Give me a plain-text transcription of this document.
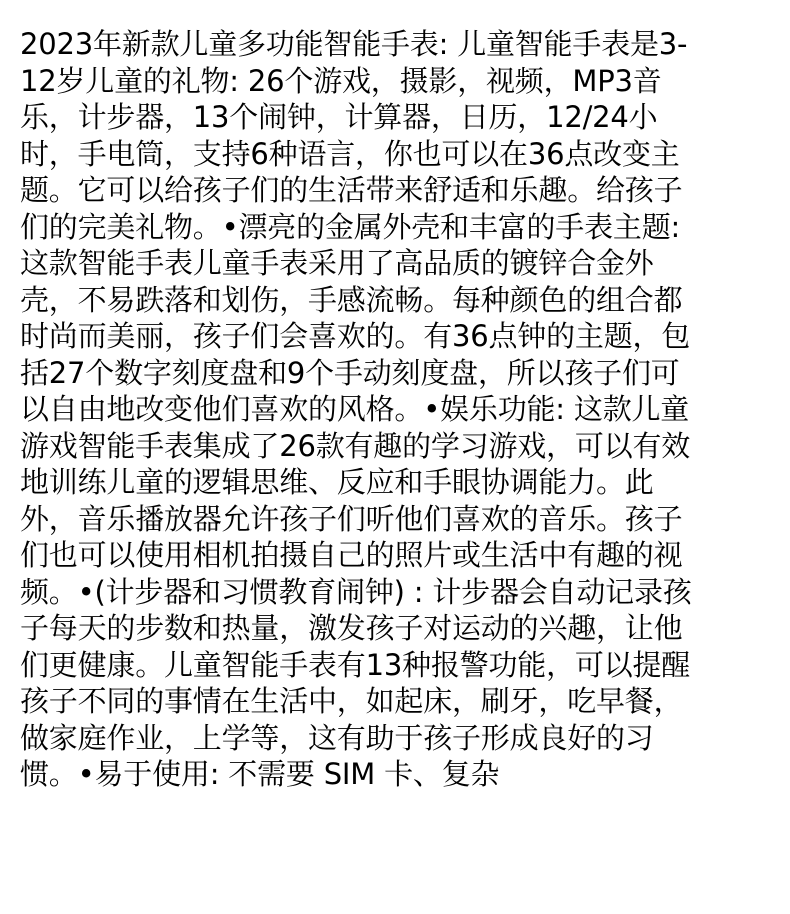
2023年新款儿童多功能智能手表: 儿童智能手表是3-

12岁儿童的礼物: 26个游戏，摄影，视频，MP3音

乐，计步器，13个闹钟，计算器，日历，12/24小

时，手电筒，支持6种语言，你也可以在36点改变主

题。它可以给孩子们的生活带来舒适和乐趣。给孩子

们的完美礼物。•漂亮的金属外壳和丰富的手表主题:

这款智能手表儿童手表采用了高品质的镀锌合金外

壳，不易跌落和划伤，手感流畅。每种颜色的组合都

时尚而美丽，孩子们会喜欢的。有36点钟的主题，包

括27个数字刻度盘和9个手动刻度盘，所以孩子们可

以自由地改变他们喜欢的风格。•娱乐功能: 这款儿童

游戏智能手表集成了26款有趣的学习游戏，可以有效

地训练儿童的逻辑思维、反应和手眼协调能力。此

外，音乐播放器允许孩子们听他们喜欢的音乐。孩子

们也可以使用相机拍摄自己的照片或生活中有趣的视

频。•(计步器和习惯教育闹钟) : 计步器会自动记录孩

子每天的步数和热量，激发孩子对运动的兴趣，让他

们更健康。儿童智能手表有13种报警功能，可以提醒

孩子不同的事情在生活中，如起床，刷牙，吃早餐，

做家庭作业，上学等，这有助于孩子形成良好的习

惯。•易于使用: 不需要 SIM 卡、复杂
